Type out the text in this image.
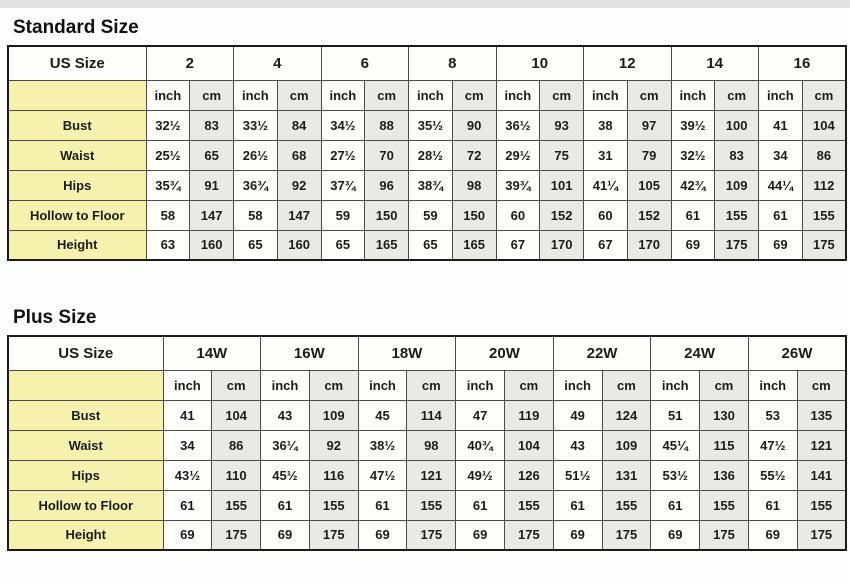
Standard Size
US Size	2		4		6		8		10		12		14		16	
	inch	cm	inch	cm	inch	cm	inch	cm	inch	cm	inch	cm	inch	cm	inch	cm
Bust	32½	83	33½	84	34½	88	35½	90	36½	93	38	97	39½	100	41	104
Waist	25½	65	26½	68	27½	70	28½	72	29½	75	31	79	32½	83	34	86
Hips	35¾	91	36¾	92	37¾	96	38¾	98	39¾	101	41¼	105	42¾	109	44¼	112
Hollow to Floor	58	147	58	147	59	150	59	150	60	152	60	152	61	155	61	155
Height	63	160	65	160	65	165	65	165	67	170	67	170	69	175	69	175
Plus Size
US Size	14W		16W		18W		20W		22W		24W		26W	
	inch	cm	inch	cm	inch	cm	inch	cm	inch	cm	inch	cm	inch	cm
Bust	41	104	43	109	45	114	47	119	49	124	51	130	53	135
Waist	34	86	36¼	92	38½	98	40¾	104	43	109	45¼	115	47½	121
Hips	43½	110	45½	116	47½	121	49½	126	51½	131	53½	136	55½	141
Hollow to Floor	61	155	61	155	61	155	61	155	61	155	61	155	61	155
Height	69	175	69	175	69	175	69	175	69	175	69	175	69	175
